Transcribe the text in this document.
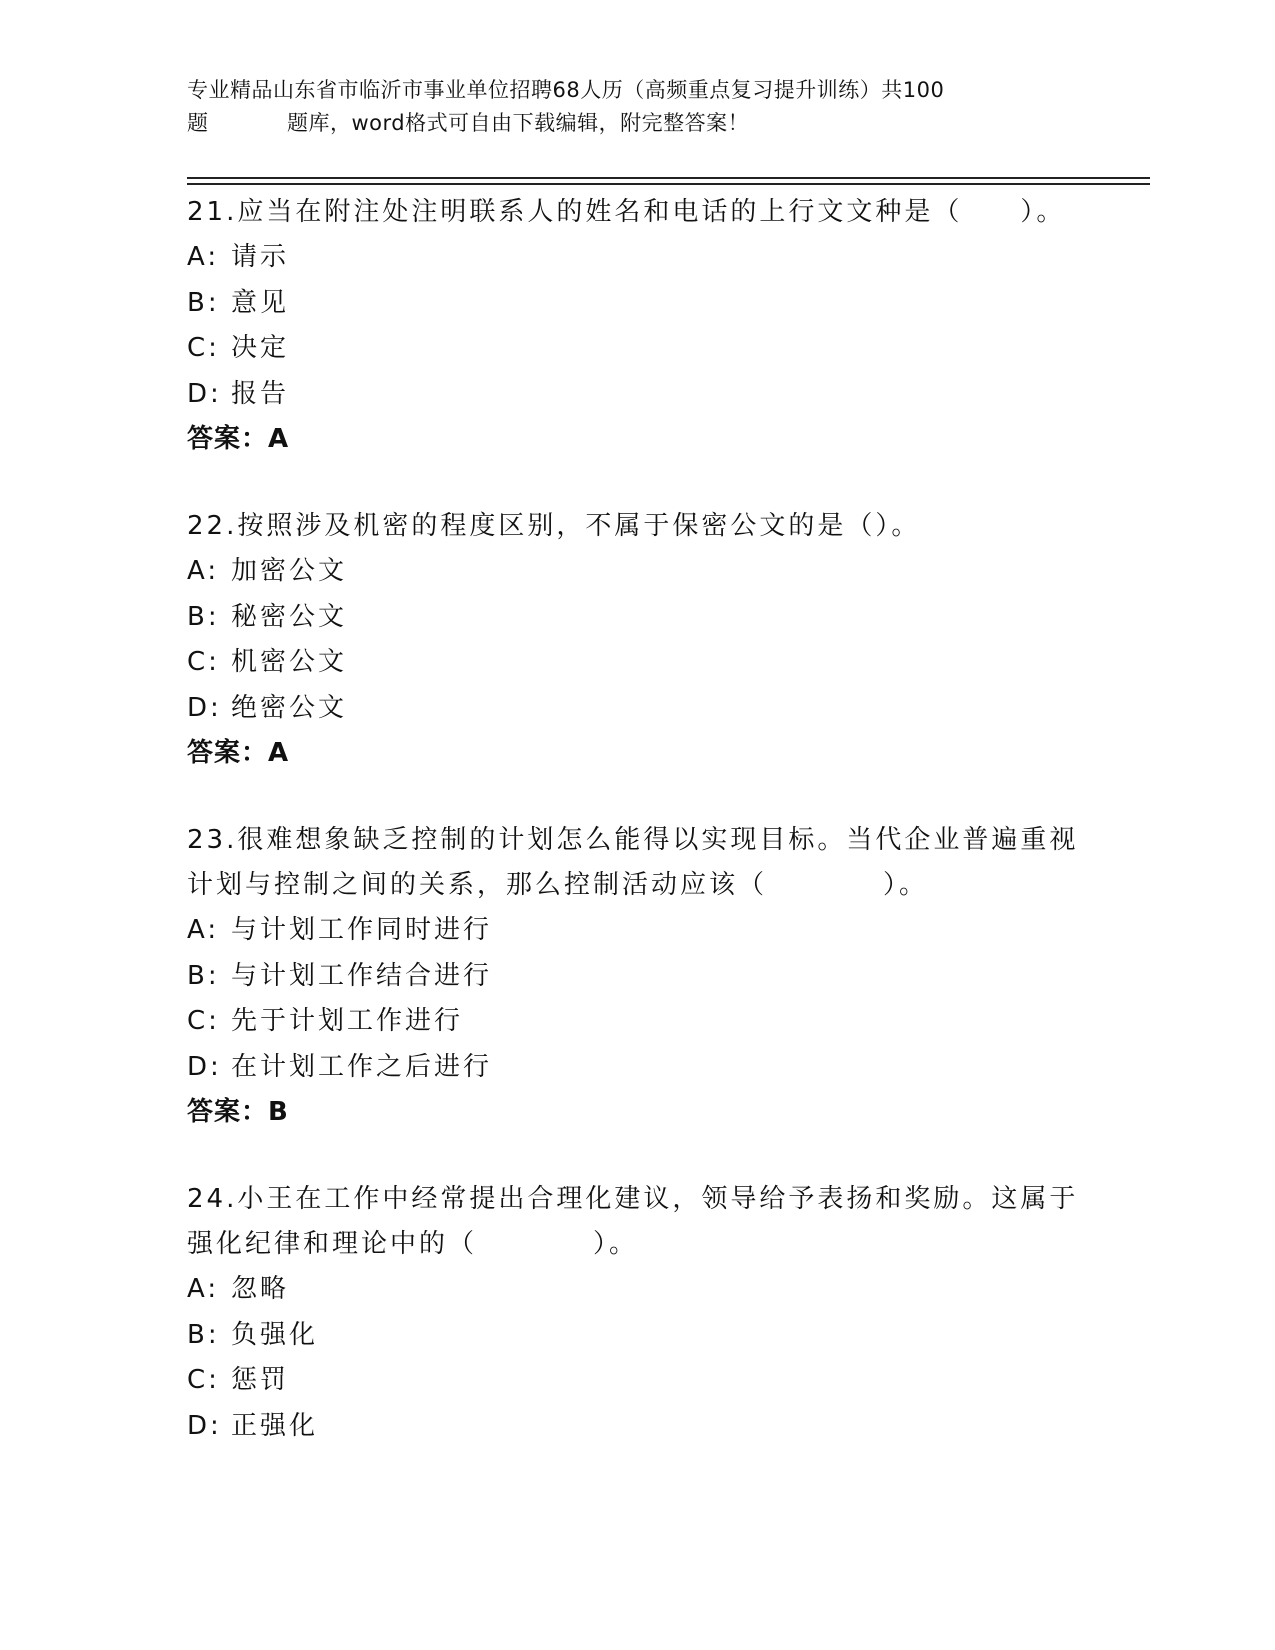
专业精品山东省市临沂市事业单位招聘68人历（高频重点复习提升训练）共100
题	题库，word格式可自由下载编辑，附完整答案！
21.应当在附注处注明联系人的姓名和电话的上行文文种是（　　）。
A: 请示
B: 意见
C: 决定
D: 报告
答案：A
22.按照涉及机密的程度区别，不属于保密公文的是（）。
A: 加密公文
B: 秘密公文
C: 机密公文
D: 绝密公文
答案：A
23.很难想象缺乏控制的计划怎么能得以实现目标。当代企业普遍重视计划与控制之间的关系，那么控制活动应该（　　　　）。
A: 与计划工作同时进行
B: 与计划工作结合进行
C: 先于计划工作进行
D: 在计划工作之后进行
答案：B
24.小王在工作中经常提出合理化建议，领导给予表扬和奖励。这属于强化纪律和理论中的（　　　　）。
A: 忽略
B: 负强化
C: 惩罚
D: 正强化
